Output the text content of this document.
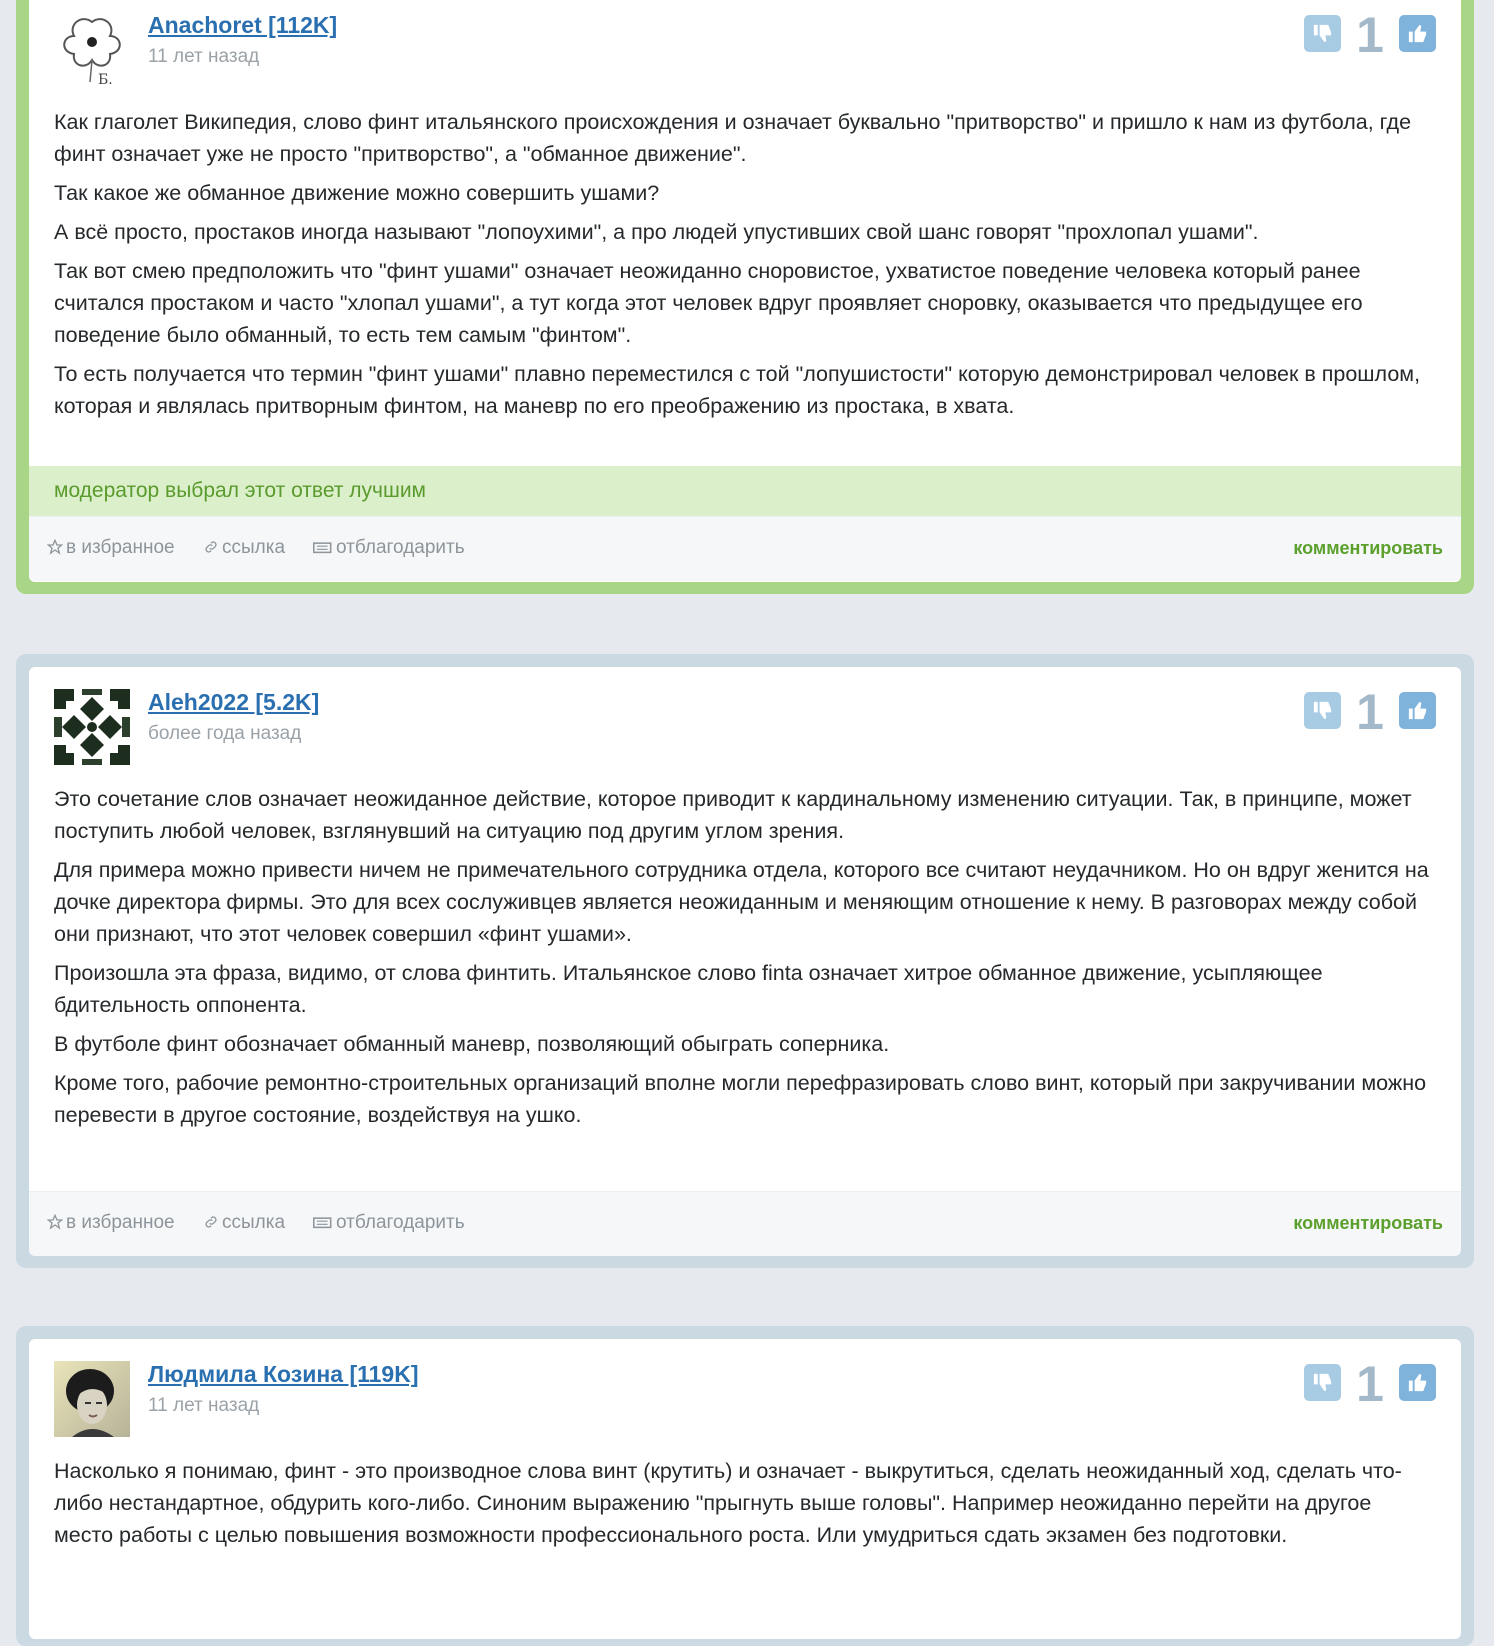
Б.
Anachoret [112K]
11 лет назад	1

Как глаголет Википедия, слово финт итальянского происхождения и означает буквально "притворство" и пришло к нам из футбола, где финт означает уже не просто "притворство", а "обманное движение".

Так какое же обманное движение можно совершить ушами?

А всё просто, простаков иногда называют "лопоухими", а про людей упустивших свой шанс говорят "прохлопал ушами".

Так вот смею предположить что "финт ушами" означает неожиданно сноровистое, ухватистое поведение человека который ранее считался простаком и часто "хлопал ушами", а тут когда этот человек вдруг проявляет сноровку, оказывается что предыдущее его поведение было обманный, то есть тем самым "финтом".

То есть получается что термин "финт ушами" плавно переместился с той "лопушистости" которую демонстрировал человек в прошлом, которая и являлась притворным финтом, на маневр по его преображению из простака, в хвата.

модератор выбрал этот ответ лучшим
в избранное	ссылка	отблагодарить	комментировать
Aleh2022 [5.2K]
более года назад	1

Это сочетание слов означает неожиданное действие, которое приводит к кардинальному изменению ситуации. Так, в принципе, может поступить любой человек, взглянувший на ситуацию под другим углом зрения.

Для примера можно привести ничем не примечательного сотрудника отдела, которого все считают неудачником. Но он вдруг женится на дочке директора фирмы. Это для всех сослуживцев является неожиданным и меняющим отношение к нему. В разговорах между собой они признают, что этот человек совершил «финт ушами».

Произошла эта фраза, видимо, от слова финтить. Итальянское слово finta означает хитрое обманное движение, усыпляющее бдительность оппонента.

В футболе финт обозначает обманный маневр, позволяющий обыграть соперника.

Кроме того, рабочие ремонтно-строительных организаций вполне могли перефразировать слово винт, который при закручивании можно перевести в другое состояние, воздействуя на ушко.

в избранное	ссылка	отблагодарить	комментировать
Людмила Козина [119K]
11 лет назад	1

Насколько я понимаю, финт - это производное слова винт (крутить) и означает - выкрутиться, сделать неожиданный ход, сделать что-либо нестандартное, обдурить кого-либо. Синоним выражению "прыгнуть выше головы". Например неожиданно перейти на другое место работы с целью повышения возможности профессионального роста. Или умудриться сдать экзамен без подготовки.
